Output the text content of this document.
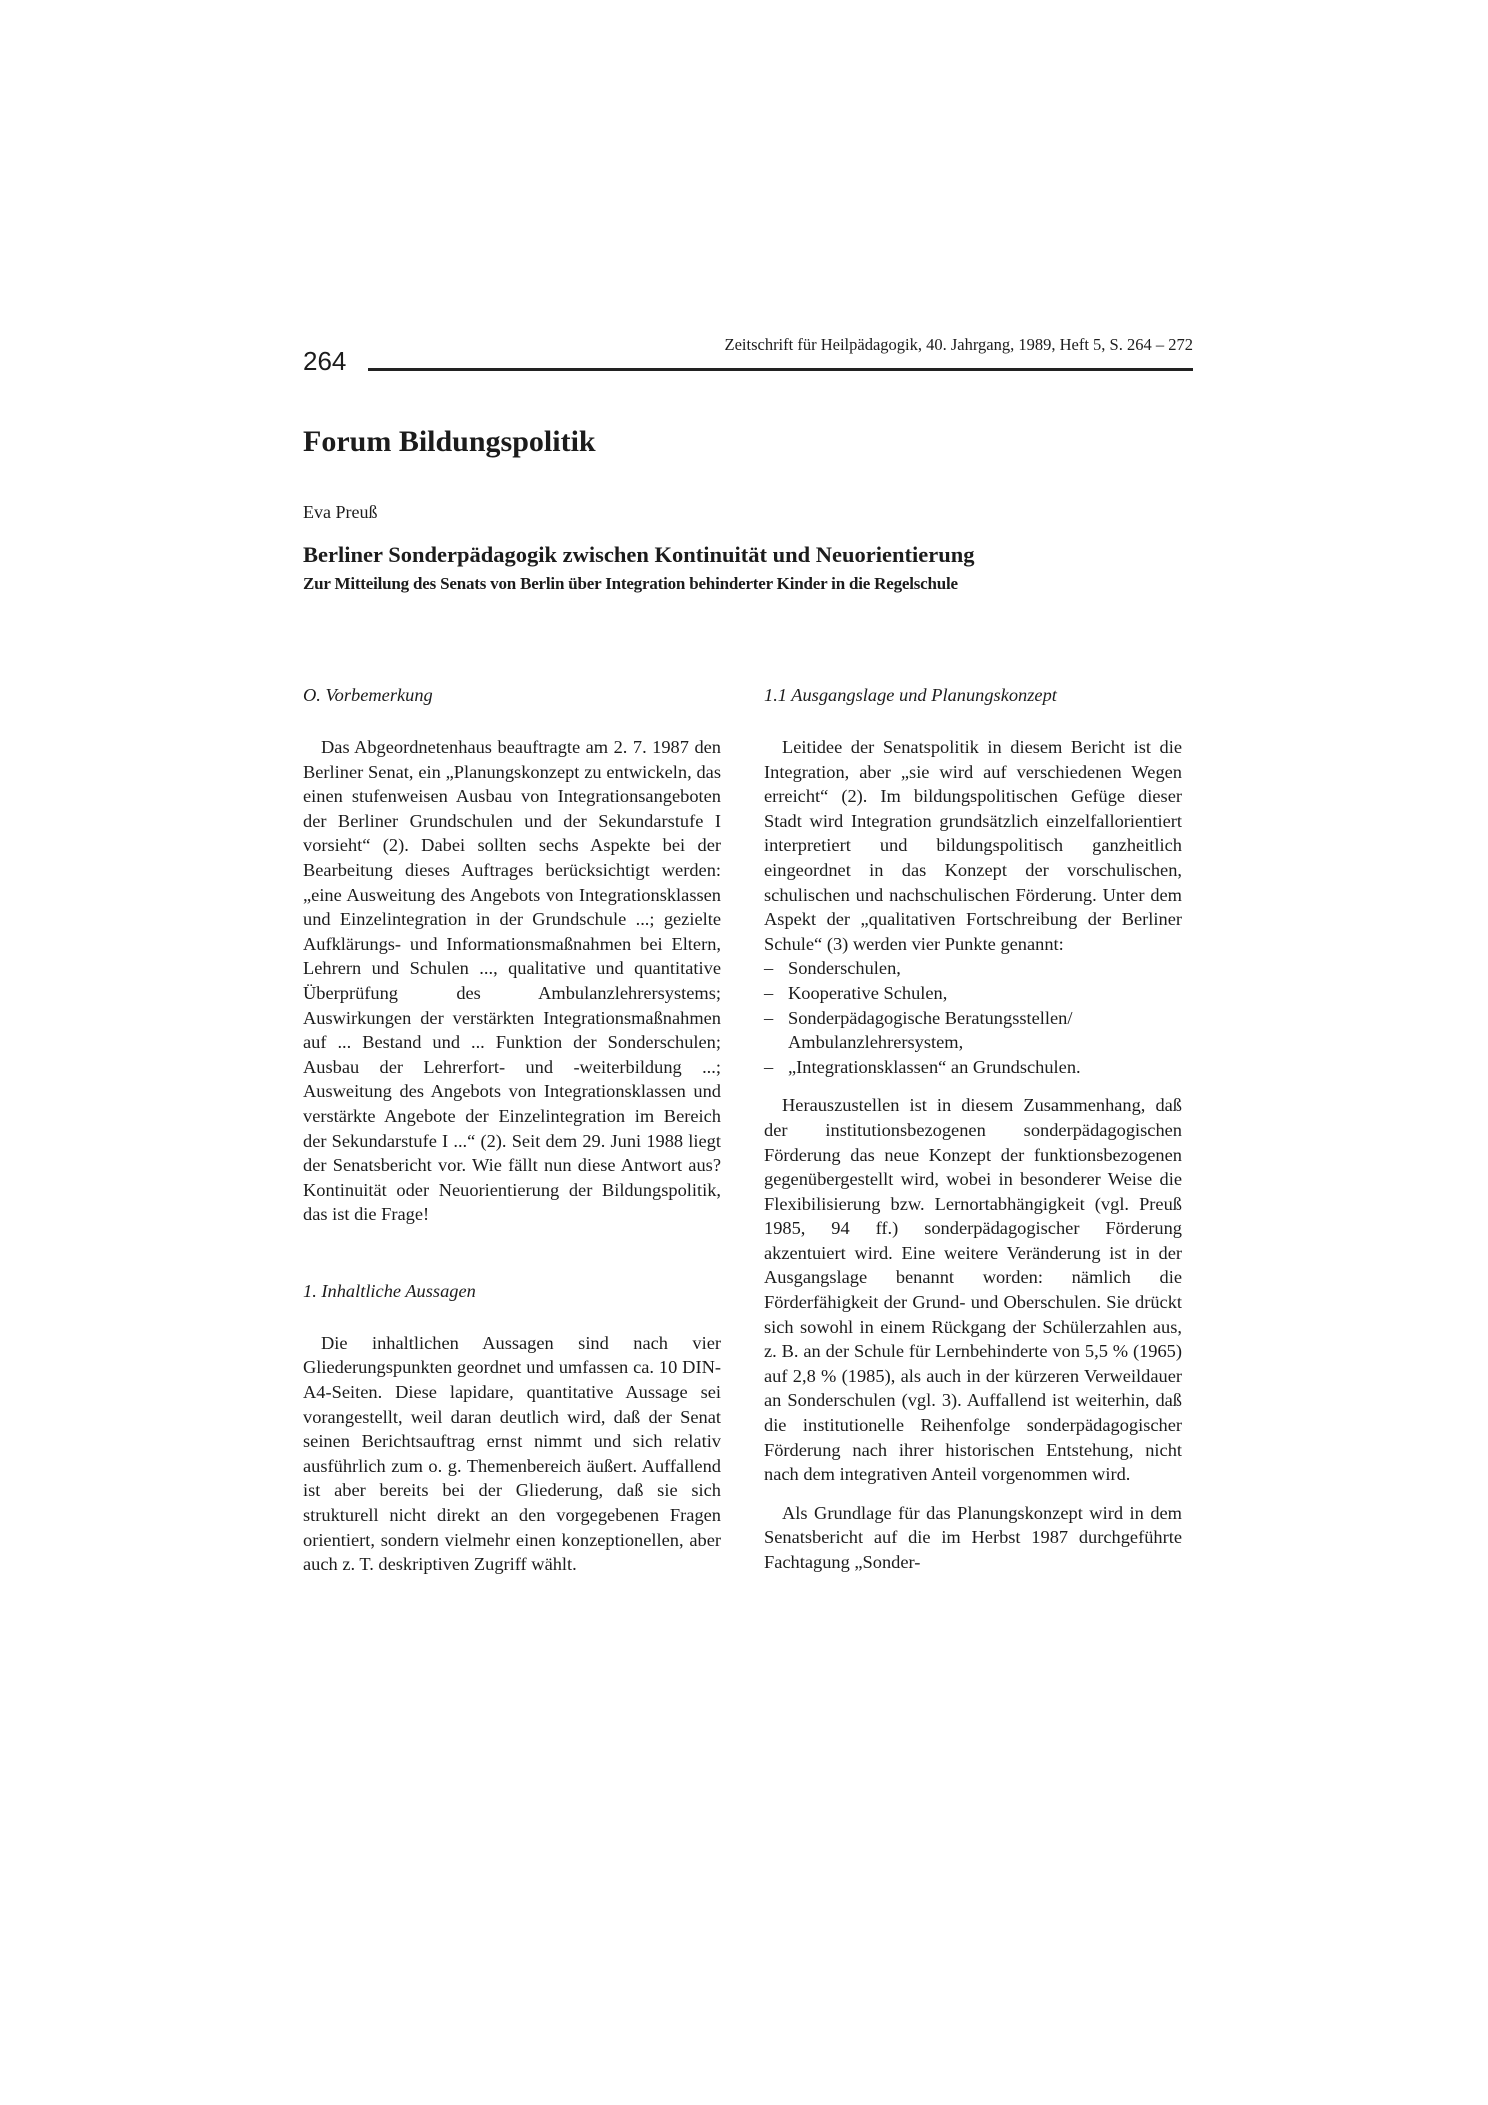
264
Zeitschrift für Heilpädagogik, 40. Jahrgang, 1989, Heft 5, S. 264 – 272
Forum Bildungspolitik
Eva Preuß
Berliner Sonderpädagogik zwischen Kontinuität und Neuorientierung
Zur Mitteilung des Senats von Berlin über Integration behinderter Kinder in die Regelschule
O. Vorbemerkung

Das Abgeordnetenhaus beauftragte am 2. 7. 1987 den Berliner Senat, ein „Planungskonzept zu entwickeln, das einen stufenweisen Ausbau von Integrationsangeboten der Berliner Grundschulen und der Sekundarstufe I vorsieht“ (2). Dabei sollten sechs Aspekte bei der Bearbeitung dieses Auftrages berücksichtigt werden: „eine Ausweitung des Angebots von Integrationsklassen und Einzelintegration in der Grundschule ...; gezielte Aufklärungs- und Informationsmaßnahmen bei Eltern, Lehrern und Schulen ..., qualitative und quantitative Überprüfung des Ambulanzlehrersystems; Auswirkungen der verstärkten Integrationsmaßnahmen auf ... Bestand und ... Funktion der Sonderschulen; Ausbau der Lehrerfort- und -weiterbildung ...; Ausweitung des Angebots von Integrationsklassen und verstärkte Angebote der Einzelintegration im Bereich der Sekundarstufe I ...“ (2). Seit dem 29. Juni 1988 liegt der Senatsbericht vor. Wie fällt nun diese Antwort aus? Kontinuität oder Neuorientierung der Bildungspolitik, das ist die Frage!

1. Inhaltliche Aussagen

Die inhaltlichen Aussagen sind nach vier Gliederungspunkten geordnet und umfassen ca. 10 DIN-A4-Seiten. Diese lapidare, quantitative Aussage sei vorangestellt, weil daran deutlich wird, daß der Senat seinen Berichtsauftrag ernst nimmt und sich relativ ausführlich zum o. g. Themenbereich äußert. Auffallend ist aber bereits bei der Gliederung, daß sie sich strukturell nicht direkt an den vorgegebenen Fragen orientiert, sondern vielmehr einen konzeptionellen, aber auch z. T. deskriptiven Zugriff wählt.

1.1 Ausgangslage und Planungskonzept

Leitidee der Senatspolitik in diesem Bericht ist die Integration, aber „sie wird auf verschiedenen Wegen erreicht“ (2). Im bildungspolitischen Gefüge dieser Stadt wird Integration grundsätzlich einzelfallorientiert interpretiert und bildungspolitisch ganzheitlich eingeordnet in das Konzept der vorschulischen, schulischen und nachschulischen Förderung. Unter dem Aspekt der „qualitativen Fortschreibung der Berliner Schule“ (3) werden vier Punkte genannt:

– Sonderschulen,
– Kooperative Schulen,
– Sonderpädagogische Beratungsstellen/ Ambulanzlehrersystem,
– „Integrationsklassen“ an Grundschulen.

Herauszustellen ist in diesem Zusammenhang, daß der institutionsbezogenen sonderpädagogischen Förderung das neue Konzept der funktionsbezogenen gegenübergestellt wird, wobei in besonderer Weise die Flexibilisierung bzw. Lernortabhängigkeit (vgl. Preuß 1985, 94 ff.) sonderpädagogischer Förderung akzentuiert wird. Eine weitere Veränderung ist in der Ausgangslage benannt worden: nämlich die Förderfähigkeit der Grund- und Oberschulen. Sie drückt sich sowohl in einem Rückgang der Schülerzahlen aus, z. B. an der Schule für Lernbehinderte von 5,5 % (1965) auf 2,8 % (1985), als auch in der kürzeren Verweildauer an Sonderschulen (vgl. 3). Auffallend ist weiterhin, daß die institutionelle Reihenfolge sonderpädagogischer Förderung nach ihrer historischen Entstehung, nicht nach dem integrativen Anteil vorgenommen wird.

Als Grundlage für das Planungskonzept wird in dem Senatsbericht auf die im Herbst 1987 durchgeführte Fachtagung „Sonder-
